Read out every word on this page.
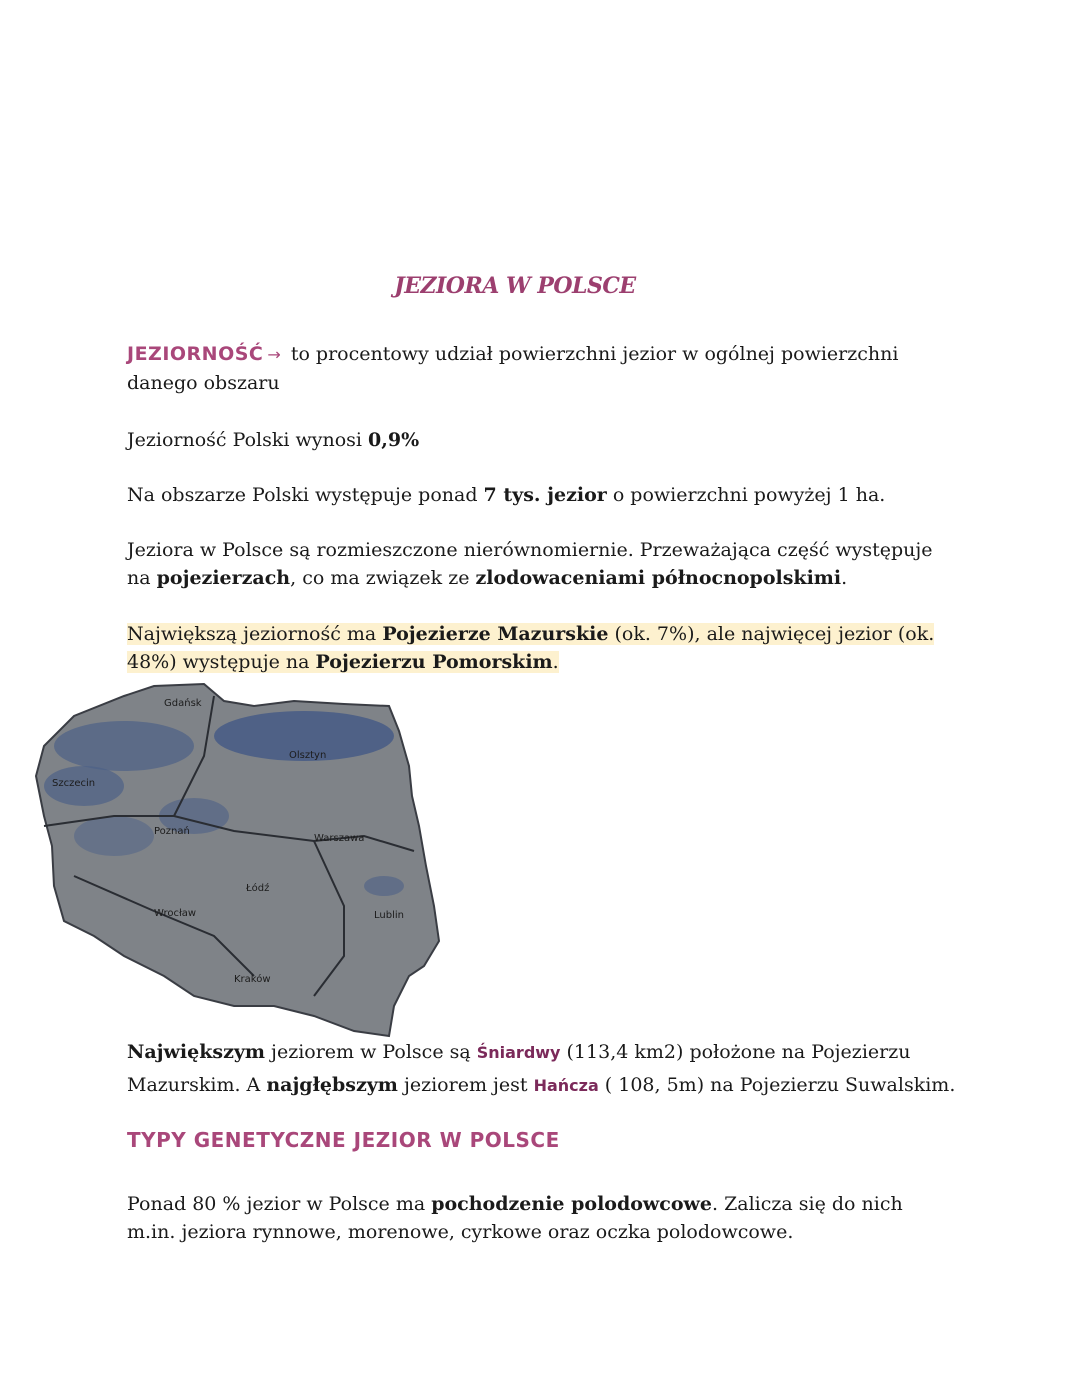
JEZIORA W POLSCE
JEZIORNOŚĆ → to procentowy udział powierzchni jezior w ogólnej powierzchni danego obszaru
Jeziorność Polski wynosi 0,9%
Na obszarze Polski występuje ponad 7 tys. jezior o powierzchni powyżej 1 ha.
Jeziora w Polsce są rozmieszczone nierównomiernie. Przeważająca część występuje na pojezierzach, co ma związek ze zlodowaceniami północnopolskimi.
Największą jeziorność ma Pojezierze Mazurskie (ok. 7%), ale najwięcej jezior (ok. 48%) występuje na Pojezierzu Pomorskim.
Gdańsk
Olsztyn
Szczecin
Poznań
Warszawa
Łódź
Wrocław	Lublin
Kraków
Największym jeziorem w Polsce są Śniardwy (113,4 km2) położone na Pojezierzu Mazurskim. A najgłębszym jeziorem jest Hańcza ( 108, 5m) na Pojezierzu Suwalskim.
TYPY GENETYCZNE JEZIOR W POLSCE
Ponad 80 % jezior w Polsce ma pochodzenie polodowcowe. Zalicza się do nich m.in. jeziora rynnowe, morenowe, cyrkowe oraz oczka polodowcowe.
